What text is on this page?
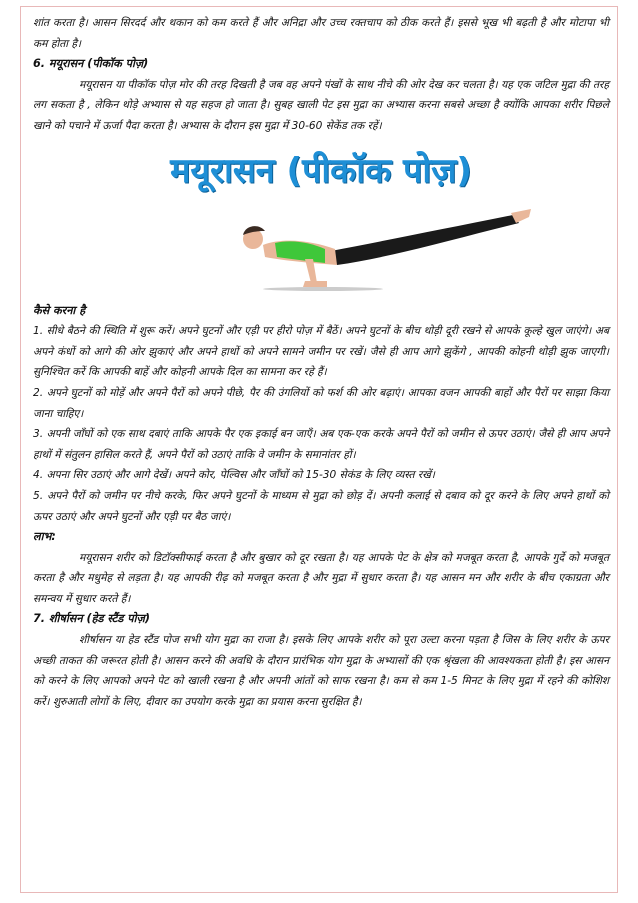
शांत करता है। आसन सिरदर्द और थकान को कम करते हैं और अनिद्रा और उच्च रक्तचाप को ठीक करते हैं। इससे भूख भी बढ़ती है और मोटापा भी कम होता है।

6. मयूरासन (पीकॉक पोज़)

मयूरासन या पीकॉक पोज़ मोर की तरह दिखती है जब वह अपने पंखों के साथ नीचे की ओर देख कर चलता है। यह एक जटिल मुद्रा की तरह लग सकता है , लेकिन थोड़े अभ्यास से यह सहज हो जाता है। सुबह खाली पेट इस मुद्रा का अभ्यास करना सबसे अच्छा है क्योंकि आपका शरीर पिछले खाने को पचाने में ऊर्जा पैदा करता है। अभ्यास के दौरान इस मुद्रा में 30-60 सेकेंड तक रहें।

मयूरासन (पीकॉक पोज़)
कैसे करना है

1. सीधे बैठने की स्थिति में शुरू करें। अपने घुटनों और एड़ी पर हीरो पोज़ में बैठें। अपने घुटनों के बीच थोड़ी दूरी रखने से आपके कूल्हे खुल जाएंगे। अब अपने कंधों को आगे की ओर झुकाएं और अपने हाथों को अपने सामने जमीन पर रखें। जैसे ही आप आगे झुकेंगे , आपकी कोहनी थोड़ी झुक जाएगी। सुनिश्चित करें कि आपकी बाहें और कोहनी आपके दिल का सामना कर रहे हैं।

2. अपने घुटनों को मोड़ें और अपने पैरों को अपने पीछे, पैर की उंगलियों को फर्श की ओर बढ़ाएं। आपका वजन आपकी बाहों और पैरों पर साझा किया जाना चाहिए।

3. अपनी जाँघों को एक साथ दबाएं ताकि आपके पैर एक इकाई बन जाएँ। अब एक-एक करके अपने पैरों को जमीन से ऊपर उठाएं। जैसे ही आप अपने हाथों में संतुलन हासिल करते हैं, अपने पैरों को उठाएं ताकि वे जमीन के समानांतर हों।

4. अपना सिर उठाएं और आगे देखें। अपने कोर, पेल्विस और जाँघों को 15-30 सेकंड के लिए व्यस्त रखें।

5. अपने पैरों को जमीन पर नीचे करके, फिर अपने घुटनों के माध्यम से मुद्रा को छोड़ दें। अपनी कलाई से दबाव को दूर करने के लिए अपने हाथों को ऊपर उठाएं और अपने घुटनों और एड़ी पर बैठ जाएं।

लाभ:

मयूरासन शरीर को डिटॉक्सीफाई करता है और बुखार को दूर रखता है। यह आपके पेट के क्षेत्र को मजबूत करता है, आपके गुर्दे को मजबूत करता है और मधुमेह से लड़ता है। यह आपकी रीढ़ को मजबूत करता है और मुद्रा में सुधार करता है। यह आसन मन और शरीर के बीच एकाग्रता और समन्वय में सुधार करते हैं।

7. शीर्षासन (हेड स्टैंड पोज़)

शीर्षासन या हेड स्टैंड पोज सभी योग मुद्रा का राजा है। इसके लिए आपके शरीर को पूरा उल्टा करना पड़ता है जिस के लिए शरीर के ऊपर अच्छी ताकत की जरूरत होती है। आसन करने की अवधि के दौरान प्रारंभिक योग मुद्रा के अभ्यासों की एक श्रृंखला की आवश्यकता होती है। इस आसन को करने के लिए आपको अपने पेट को खाली रखना है और अपनी आंतों को साफ रखना है। कम से कम 1-5 मिनट के लिए मुद्रा में रहने की कोशिश करें। शुरुआती लोगों के लिए, दीवार का उपयोग करके मुद्रा का प्रयास करना सुरक्षित है।
